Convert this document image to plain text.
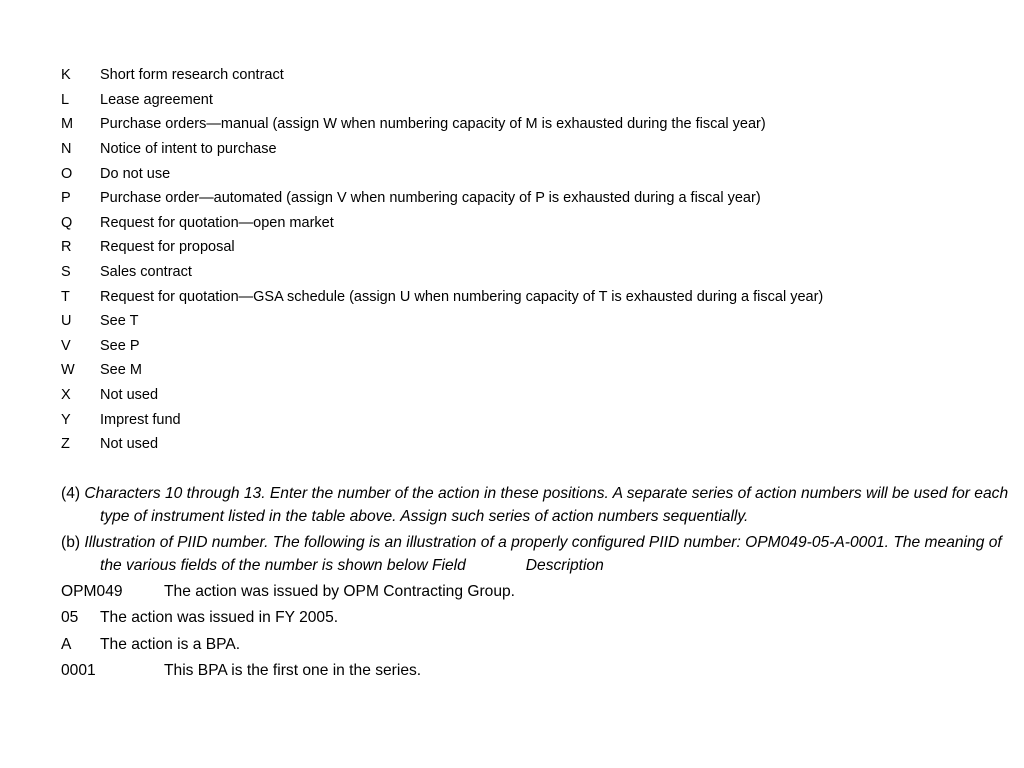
K	Short form research contract
L	Lease agreement
M	Purchase orders—manual (assign W when numbering capacity of M is exhausted during the fiscal year)
N	Notice of intent to purchase
O	Do not use
P	Purchase order—automated (assign V when numbering capacity of P is exhausted during a fiscal year)
Q	Request for quotation—open market
R	Request for proposal
S	Sales contract
T	Request for quotation—GSA schedule (assign U when numbering capacity of T is exhausted during a fiscal year)
U	See T
V	See P
W	See M
X	Not used
Y	Imprest fund
Z	Not used

(4) Characters 10 through 13. Enter the number of the action in these positions. A separate series of action numbers will be used for each type of instrument listed in the table above. Assign such series of action numbers sequentially.

(b) Illustration of PIID number. The following is an illustration of a properly configured PIID number: OPM049-05-A-0001. The meaning of the various fields of the number is shown below Field	Description

OPM049	The action was issued by OPM Contracting Group.
05	The action was issued in FY 2005.
A	The action is a BPA.
0001	This BPA is the first one in the series.
